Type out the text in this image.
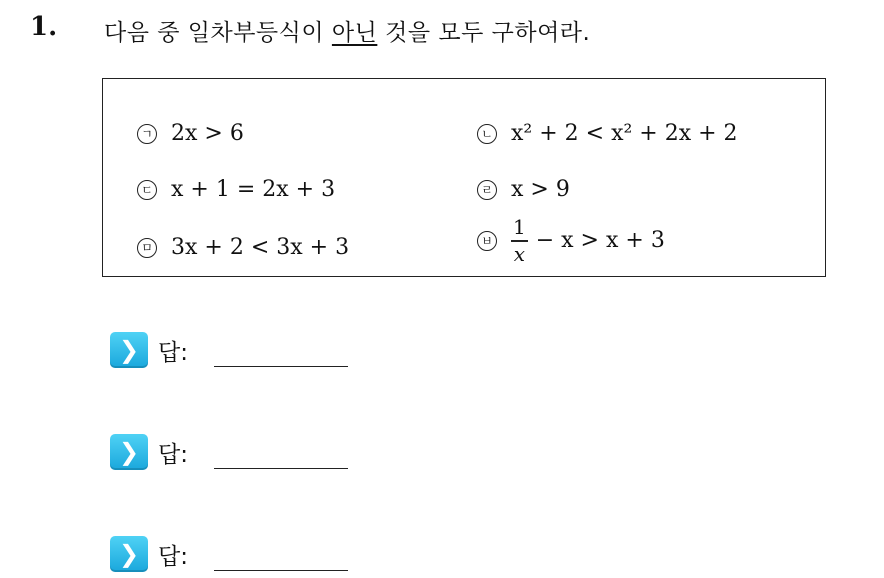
1. 다음 중 일차부등식이 아닌 것을 모두 구하여라.
ㄱ 2x > 6	ㄴ x² + 2 < x² + 2x + 2
ㄷ x + 1 = 2x + 3	ㄹ x > 9
ㅁ 3x + 2 < 3x + 3	ㅂ $\frac{1}{x} - x > x + 3$
❯ 답:
❯ 답:
❯ 답:
